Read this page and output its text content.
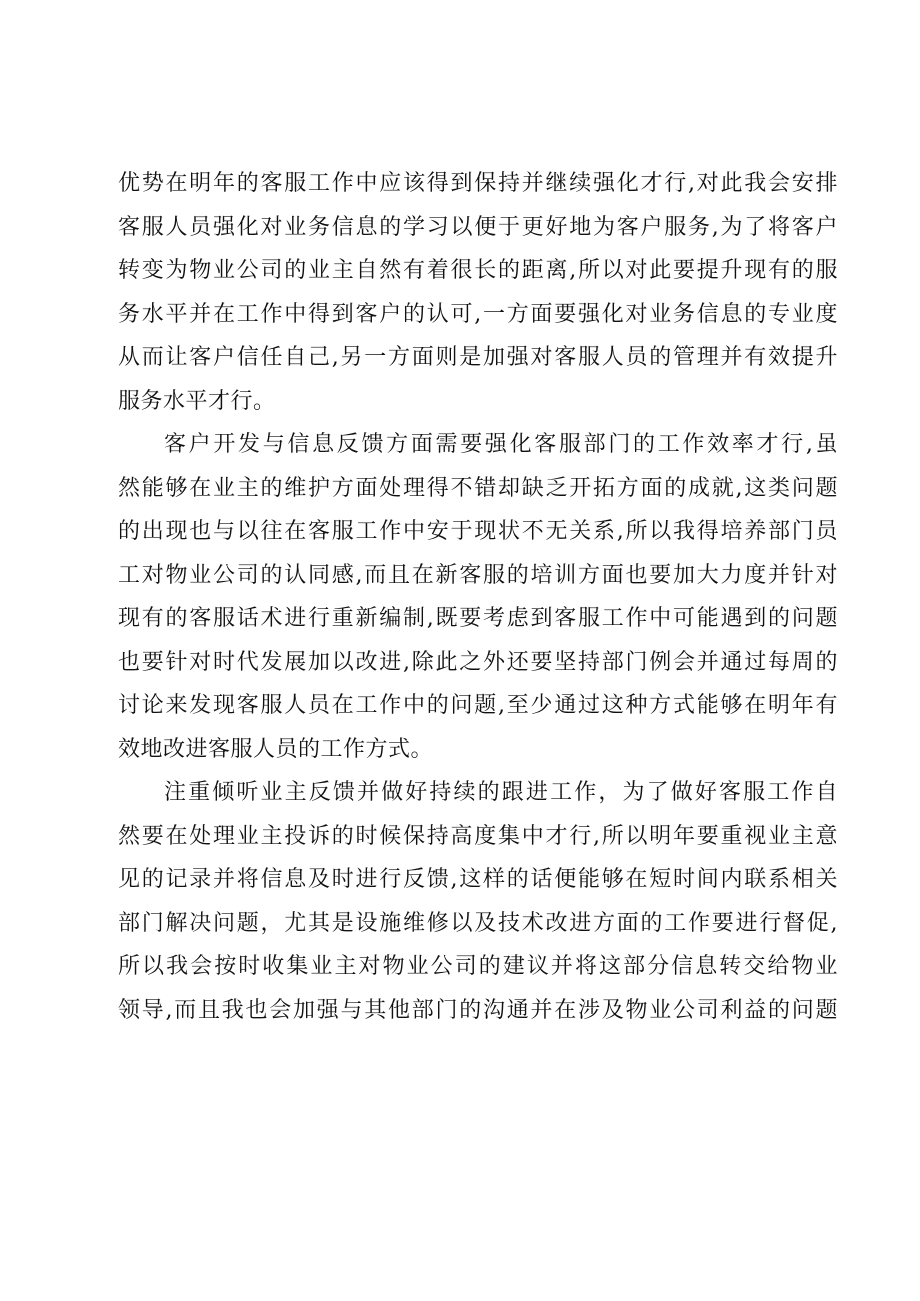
优势在明年的客服工作中应该得到保持并继续强化才行,对此我会安排
客服人员强化对业务信息的学习以便于更好地为客户服务,为了将客户
转变为物业公司的业主自然有着很长的距离,所以对此要提升现有的服
务水平并在工作中得到客户的认可,一方面要强化对业务信息的专业度
从而让客户信任自己,另一方面则是加强对客服人员的管理并有效提升
服务水平才行。
客户开发与信息反馈方面需要强化客服部门的工作效率才行,虽
然能够在业主的维护方面处理得不错却缺乏开拓方面的成就,这类问题
的出现也与以往在客服工作中安于现状不无关系,所以我得培养部门员
工对物业公司的认同感,而且在新客服的培训方面也要加大力度并针对
现有的客服话术进行重新编制,既要考虑到客服工作中可能遇到的问题
也要针对时代发展加以改进,除此之外还要坚持部门例会并通过每周的
讨论来发现客服人员在工作中的问题,至少通过这种方式能够在明年有
效地改进客服人员的工作方式。
注重倾听业主反馈并做好持续的跟进工作，为了做好客服工作自
然要在处理业主投诉的时候保持高度集中才行,所以明年要重视业主意
见的记录并将信息及时进行反馈,这样的话便能够在短时间内联系相关
部门解决问题，尤其是设施维修以及技术改进方面的工作要进行督促,
所以我会按时收集业主对物业公司的建议并将这部分信息转交给物业
领导,而且我也会加强与其他部门的沟通并在涉及物业公司利益的问题
